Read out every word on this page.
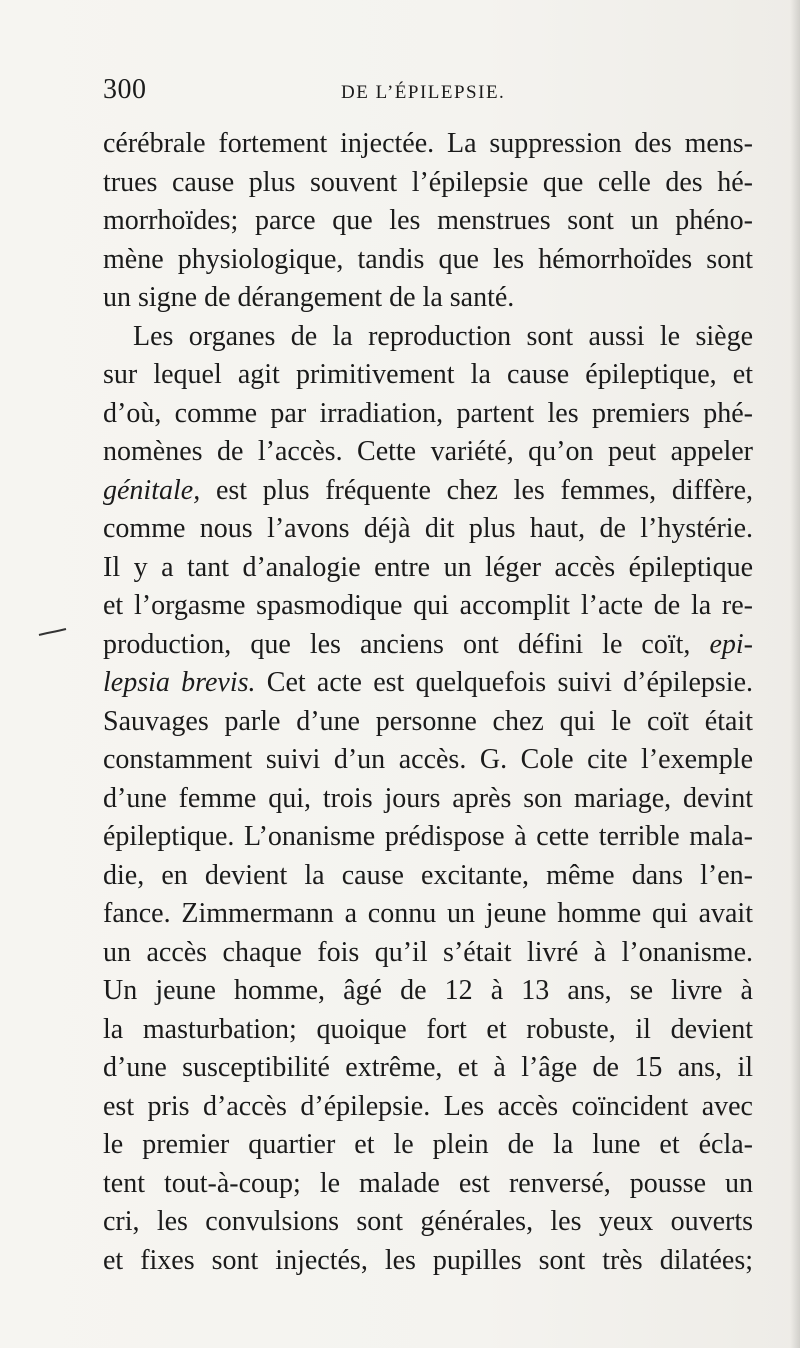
300	DE L’ÉPILEPSIE.
cérébrale fortement injectée. La suppression des mens-
trues cause plus souvent l’épilepsie que celle des hé-
morrhoïdes; parce que les menstrues sont un phéno-
mène physiologique, tandis que les hémorrhoïdes sont
un signe de dérangement de la santé.
Les organes de la reproduction sont aussi le siège
sur lequel agit primitivement la cause épileptique, et
d’où, comme par irradiation, partent les premiers phé-
nomènes de l’accès. Cette variété, qu’on peut appeler
génitale, est plus fréquente chez les femmes, diffère,
comme nous l’avons déjà dit plus haut, de l’hystérie.
Il y a tant d’analogie entre un léger accès épileptique
et l’orgasme spasmodique qui accomplit l’acte de la re-
production, que les anciens ont défini le coït, epi-
lepsia brevis. Cet acte est quelquefois suivi d’épilepsie.
Sauvages parle d’une personne chez qui le coït était
constamment suivi d’un accès. G. Cole cite l’exemple
d’une femme qui, trois jours après son mariage, devint
épileptique. L’onanisme prédispose à cette terrible mala-
die, en devient la cause excitante, même dans l’en-
fance. Zimmermann a connu un jeune homme qui avait
un accès chaque fois qu’il s’était livré à l’onanisme.
Un jeune homme, âgé de 12 à 13 ans, se livre à
la masturbation; quoique fort et robuste, il devient
d’une susceptibilité extrême, et à l’âge de 15 ans, il
est pris d’accès d’épilepsie. Les accès coïncident avec
le premier quartier et le plein de la lune et écla-
tent tout-à-coup; le malade est renversé, pousse un
cri, les convulsions sont générales, les yeux ouverts
et fixes sont injectés, les pupilles sont très dilatées;
